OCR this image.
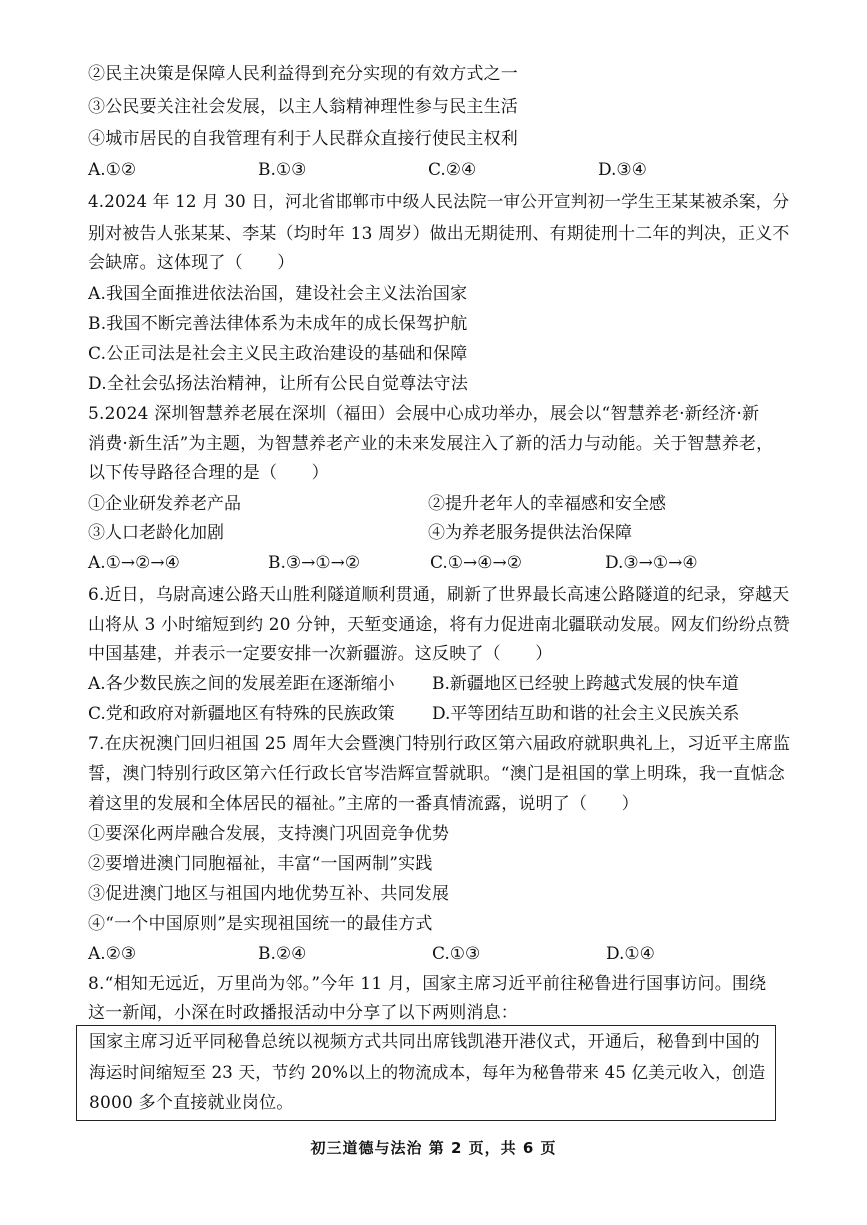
②民主决策是保障人民利益得到充分实现的有效方式之一
③公民要关注社会发展，以主人翁精神理性参与民主生活
④城市居民的自我管理有利于人民群众直接行使民主权利
A.①②	B.①③	C.②④	D.③④
4.2024 年 12 月 30 日，河北省邯郸市中级人民法院一审公开宣判初一学生王某某被杀案，分
别对被告人张某某、李某（均时年 13 周岁）做出无期徒刑、有期徒刑十二年的判决，正义不
会缺席。这体现了（　　）
A.我国全面推进依法治国，建设社会主义法治国家
B.我国不断完善法律体系为未成年的成长保驾护航
C.公正司法是社会主义民主政治建设的基础和保障
D.全社会弘扬法治精神，让所有公民自觉尊法守法
5.2024 深圳智慧养老展在深圳（福田）会展中心成功举办，展会以“智慧养老·新经济·新
消费·新生活”为主题，为智慧养老产业的未来发展注入了新的活力与动能。关于智慧养老，
以下传导路径合理的是（　　）
①企业研发养老产品	②提升老年人的幸福感和安全感
③人口老龄化加剧	④为养老服务提供法治保障
A.①→②→④	B.③→①→②	C.①→④→②	D.③→①→④
6.近日，乌尉高速公路天山胜利隧道顺利贯通，刷新了世界最长高速公路隧道的纪录，穿越天
山将从 3 小时缩短到约 20 分钟，天堑变通途，将有力促进南北疆联动发展。网友们纷纷点赞
中国基建，并表示一定要安排一次新疆游。这反映了（　　）
A.各少数民族之间的发展差距在逐渐缩小 B.新疆地区已经驶上跨越式发展的快车道
C.党和政府对新疆地区有特殊的民族政策 D.平等团结互助和谐的社会主义民族关系
7.在庆祝澳门回归祖国 25 周年大会暨澳门特别行政区第六届政府就职典礼上，习近平主席监
誓，澳门特别行政区第六任行政长官岑浩辉宣誓就职。“澳门是祖国的掌上明珠，我一直惦念
着这里的发展和全体居民的福祉。”主席的一番真情流露，说明了（　　）
①要深化两岸融合发展，支持澳门巩固竞争优势
②要增进澳门同胞福祉，丰富“一国两制”实践
③促进澳门地区与祖国内地优势互补、共同发展
④“一个中国原则”是实现祖国统一的最佳方式
A.②③	B.②④	C.①③	D.①④
8.“相知无远近，万里尚为邻。”今年 11 月，国家主席习近平前往秘鲁进行国事访问。围绕
这一新闻，小深在时政播报活动中分享了以下两则消息：
国家主席习近平同秘鲁总统以视频方式共同出席钱凯港开港仪式，开通后，秘鲁到中国的
海运时间缩短至 23 天，节约 20%以上的物流成本，每年为秘鲁带来 45 亿美元收入，创造
8000 多个直接就业岗位。
初三道德与法治 第 2 页，共 6 页
